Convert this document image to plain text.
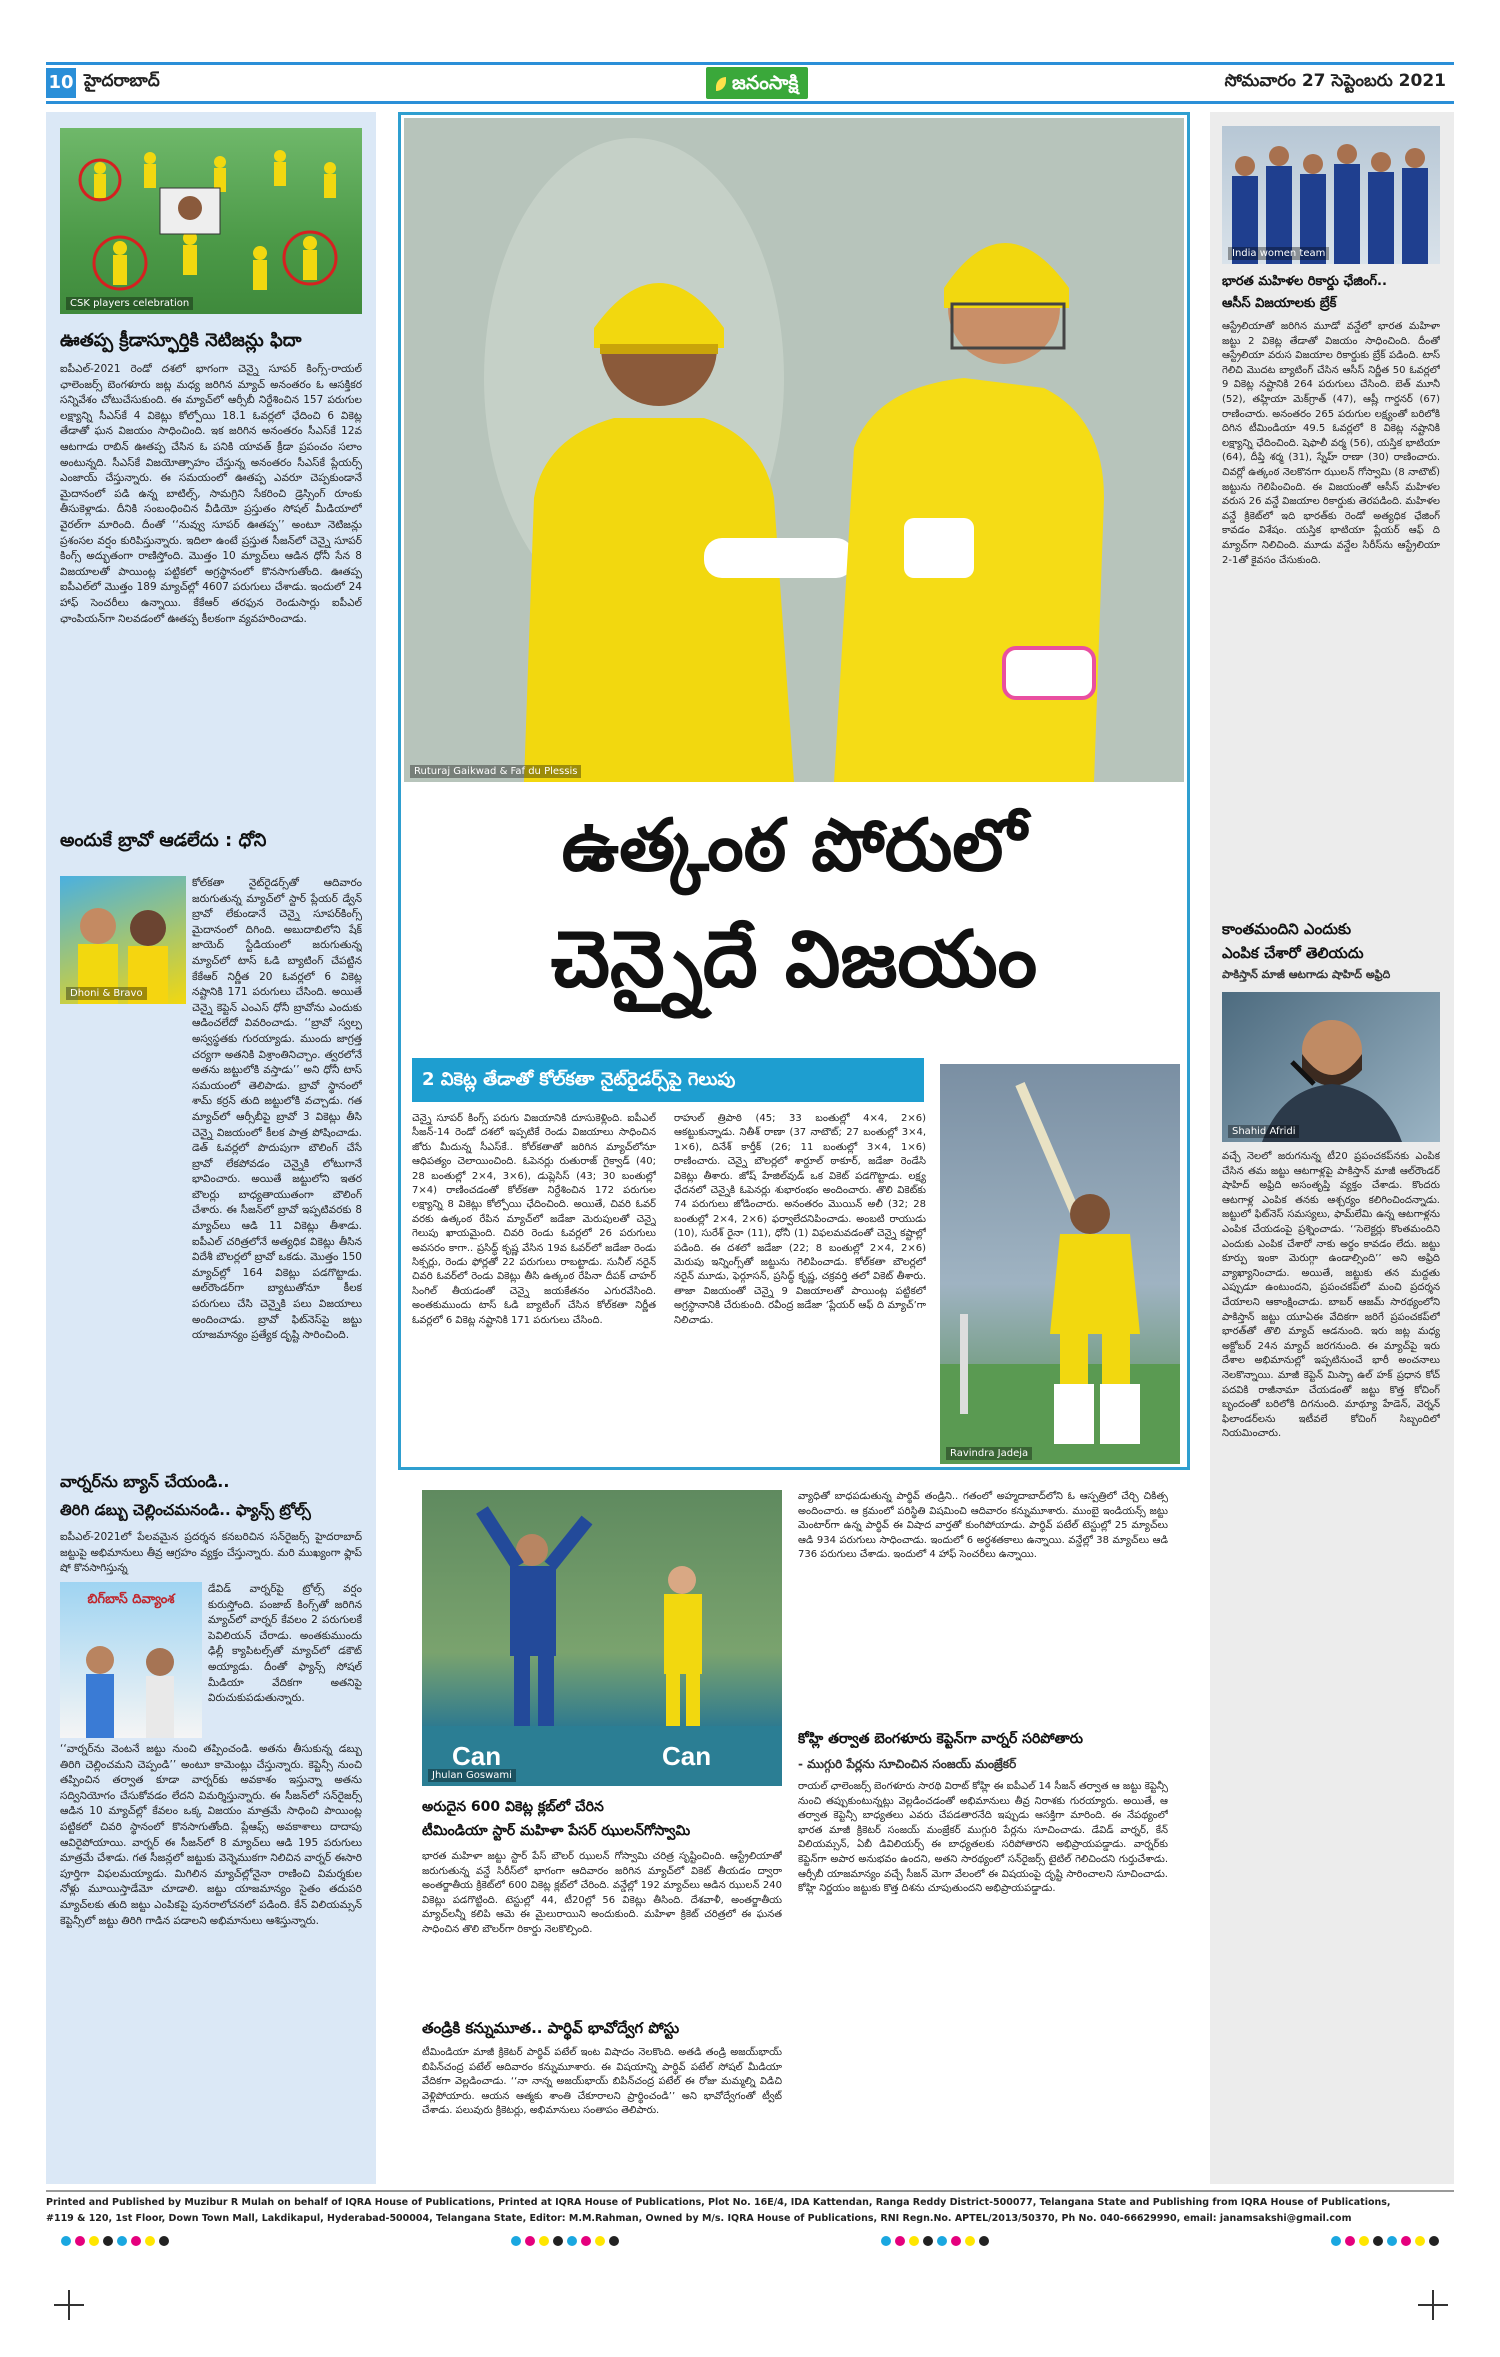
10 హైదరాబాద్	జనంసాక్షి	సోమవారం 27 సెప్టెంబరు 2021
CSK players celebration
ఊతప్ప క్రీడాస్ఫూర్తికి నెటిజన్లు ఫిదా
ఐపీఎల్‌-2021 రెండో దశలో భాగంగా చెన్నై సూపర్‌ కింగ్స్‌-రాయల్‌ ఛాలెంజర్స్‌ బెంగళూరు జట్ల మధ్య జరిగిన మ్యాచ్‌ అనంతరం ఓ ఆసక్తికర సన్నివేశం చోటుచేసుకుంది. ఈ మ్యాచ్‌లో ఆర్సీబీ నిర్దేశించిన 157 పరుగుల లక్ష్యాన్ని సీఎస్‌కే 4 వికెట్లు కోల్పోయి 18.1 ఓవర్లలో ఛేదించి 6 వికెట్ల తేడాతో ఘన విజయం సాధించింది. ఇక జరిగిన అనంతరం సీఎస్‌కే 12వ ఆటగాడు రాబిన్‌ ఊతప్ప చేసిన ఓ పనికి యావత్‌ క్రీడా ప్రపంచం సలాం అంటున్నది. సీఎస్‌కే విజయోత్సాహం చేస్తున్న అనంతరం సీఎస్‌కే ప్లేయర్స్‌ ఎంజాయ్‌ చేస్తున్నారు. ఈ సమయంలో ఊతప్ప ఎవరూ చెప్పకుండానే మైదానంలో పడి ఉన్న బాటిల్స్‌, సామగ్రిని సేకరించి డ్రెస్సింగ్‌ రూంకు తీసుకెళ్లాడు. దీనికి సంబంధించిన వీడియో ప్రస్తుతం సోషల్‌ మీడియాలో వైరల్‌గా మారింది. దీంతో ‘‘నువ్వు సూపర్‌ ఊతప్ప’’ అంటూ నెటిజన్లు ప్రశంసల వర్షం కురిపిస్తున్నారు. ఇదిలా ఉంటే ప్రస్తుత సీజన్‌లో చెన్నై సూపర్‌ కింగ్స్‌ అద్భుతంగా రాణిస్తోంది. మొత్తం 10 మ్యాచ్‌లు ఆడిన ధోనీ సేన 8 విజయాలతో పాయింట్ల పట్టికలో అగ్రస్థానంలో కొనసాగుతోంది. ఊతప్ప ఐపీఎల్‌లో మొత్తం 189 మ్యాచ్‌ల్లో 4607 పరుగులు చేశాడు. ఇందులో 24 హాఫ్‌ సెంచరీలు ఉన్నాయి. కేకేఆర్‌ తరఫున రెండుసార్లు ఐపీఎల్‌ ఛాంపియన్‌గా నిలవడంలో ఊతప్ప కీలకంగా వ్యవహరించాడు.
అందుకే బ్రావో ఆడలేదు : ధోని
Dhoni & Bravo
కోల్‌కతా నైట్‌రైడర్స్‌తో ఆదివారం జరుగుతున్న మ్యాచ్‌లో స్టార్‌ ప్లేయర్‌ డ్వేన్‌ బ్రావో లేకుండానే చెన్నై సూపర్‌కింగ్స్‌ మైదానంలో దిగింది. అబుదాబిలోని షేక్‌ జాయెద్‌ స్టేడియంలో జరుగుతున్న మ్యాచ్‌లో టాస్‌ ఓడి బ్యాటింగ్‌ చేపట్టిన కేకేఆర్‌ నిర్ణీత 20 ఓవర్లలో 6 వికెట్ల నష్టానికి 171 పరుగులు చేసింది. అయితే చెన్నై కెప్టెన్‌ ఎంఎస్‌ ధోనీ బ్రావోను ఎందుకు ఆడించలేదో వివరించాడు. ‘‘బ్రావో స్వల్ప అస్వస్థతకు గురయ్యాడు. ముందు జాగ్రత్త చర్యగా అతనికి విశ్రాంతినిచ్చాం. త్వరలోనే అతను జట్టులోకి వస్తాడు’’ అని ధోనీ టాస్‌ సమయంలో తెలిపాడు. బ్రావో స్థానంలో శామ్‌ కర్రన్‌ తుది జట్టులోకి వచ్చాడు. గత మ్యాచ్‌లో ఆర్సీబీపై బ్రావో 3 వికెట్లు తీసి చెన్నై విజయంలో కీలక పాత్ర పోషించాడు. డెత్‌ ఓవర్లలో పొదుపుగా బౌలింగ్‌ చేసే బ్రావో లేకపోవడం చెన్నైకి లోటుగానే భావించారు. అయితే జట్టులోని ఇతర బౌలర్లు బాధ్యతాయుతంగా బౌలింగ్‌ చేశారు. ఈ సీజన్‌లో బ్రావో ఇప్పటివరకు 8 మ్యాచ్‌లు ఆడి 11 వికెట్లు తీశాడు. ఐపీఎల్‌ చరిత్రలోనే అత్యధిక వికెట్లు తీసిన విదేశీ బౌలర్లలో బ్రావో ఒకడు. మొత్తం 150 మ్యాచ్‌ల్లో 164 వికెట్లు పడగొట్టాడు. ఆల్‌రౌండర్‌గా బ్యాటుతోనూ కీలక పరుగులు చేసి చెన్నైకి పలు విజయాలు అందించాడు. బ్రావో ఫిట్‌నెస్‌పై జట్టు యాజమాన్యం ప్రత్యేక దృష్టి సారించింది.
వార్నర్‌ను బ్యాన్‌ చేయండి..
తిరిగి డబ్బు చెల్లించమనండి.. ఫ్యాన్స్‌ ట్రోల్స్‌
ఐపీఎల్‌-2021లో పేలవమైన ప్రదర్శన కనబరిచిన సన్‌రైజర్స్‌ హైదరాబాద్‌ జట్టుపై అభిమానులు తీవ్ర ఆగ్రహం వ్యక్తం చేస్తున్నారు. మరి ముఖ్యంగా ఫ్లాప్‌ షో కొనసాగిస్తున్న
బిగ్‌బాస్‌ దివ్యాంశ
డేవిడ్‌ వార్నర్‌పై ట్రోల్స్‌ వర్షం కురుస్తోంది. పంజాబ్‌ కింగ్స్‌తో జరిగిన మ్యాచ్‌లో వార్నర్‌ కేవలం 2 పరుగులకే పెవిలియన్‌ చేరాడు. అంతకుముందు ఢిల్లీ క్యాపిటల్స్‌తో మ్యాచ్‌లో డకౌట్‌ అయ్యాడు. దీంతో ఫ్యాన్స్‌ సోషల్‌ మీడియా వేదికగా అతనిపై విరుచుకుపడుతున్నారు.
‘‘వార్నర్‌ను వెంటనే జట్టు నుంచి తప్పించండి. అతను తీసుకున్న డబ్బు తిరిగి చెల్లించమని చెప్పండి’’ అంటూ కామెంట్లు చేస్తున్నారు. కెప్టెన్సీ నుంచి తప్పించిన తర్వాత కూడా వార్నర్‌కు అవకాశం ఇస్తున్నా అతను సద్వినియోగం చేసుకోవడం లేదని విమర్శిస్తున్నారు. ఈ సీజన్‌లో సన్‌రైజర్స్‌ ఆడిన 10 మ్యాచ్‌ల్లో కేవలం ఒక్క విజయం మాత్రమే సాధించి పాయింట్ల పట్టికలో చివరి స్థానంలో కొనసాగుతోంది. ప్లేఆఫ్స్‌ అవకాశాలు దాదాపు ఆవిరైపోయాయి. వార్నర్‌ ఈ సీజన్‌లో 8 మ్యాచ్‌లు ఆడి 195 పరుగులు మాత్రమే చేశాడు. గత సీజన్లలో జట్టుకు వెన్నెముకగా నిలిచిన వార్నర్‌ ఈసారి పూర్తిగా విఫలమయ్యాడు. మిగిలిన మ్యాచ్‌ల్లోనైనా రాణించి విమర్శకుల నోళ్లు మూయిస్తాడేమో చూడాలి. జట్టు యాజమాన్యం సైతం తదుపరి మ్యాచ్‌లకు తుది జట్టు ఎంపికపై పునరాలోచనలో పడింది. కేన్‌ విలియమ్సన్‌ కెప్టెన్సీలో జట్టు తిరిగి గాడిన పడాలని అభిమానులు ఆశిస్తున్నారు.
Ruturaj Gaikwad & Faf du Plessis
ఉత్కంఠ పోరులో
చెన్నైదే విజయం
2 వికెట్ల తేడాతో కోల్‌కతా నైట్‌రైడర్స్‌పై గెలుపు
Ravindra Jadeja
చెన్నై సూపర్‌ కింగ్స్‌ పరుగు విజయానికి దూసుకెళ్లింది. ఐపీఎల్‌ సీజన్‌-14 రెండో దశలో ఇప్పటికే రెండు విజయాలు సాధించిన జోరు మీదున్న సీఎస్‌కే.. కోల్‌కతాతో జరిగిన మ్యాచ్‌లోనూ ఆధిపత్యం చెలాయించింది. ఓపెనర్లు రుతురాజ్‌ గైక్వాడ్‌ (40; 28 బంతుల్లో 2×4, 3×6), డుప్లెసిస్‌ (43; 30 బంతుల్లో 7×4) రాణించడంతో కోల్‌కతా నిర్దేశించిన 172 పరుగుల లక్ష్యాన్ని 8 వికెట్లు కోల్పోయి ఛేదించింది. అయితే, చివరి ఓవర్‌ వరకు ఉత్కంఠ రేపిన మ్యాచ్‌లో జడేజా మెరుపులతో చెన్నై గెలుపు ఖాయమైంది. చివరి రెండు ఓవర్లలో 26 పరుగులు అవసరం కాగా.. ప్రసిద్ధ్‌ కృష్ణ వేసిన 19వ ఓవర్‌లో జడేజా రెండు సిక్సర్లు, రెండు ఫోర్లతో 22 పరుగులు రాబట్టాడు. సునీల్‌ నరైన్‌ చివరి ఓవర్‌లో రెండు వికెట్లు తీసి ఉత్కంఠ రేపినా దీపక్‌ చాహర్‌ సింగిల్‌ తీయడంతో చెన్నై జయకేతనం ఎగురవేసింది. అంతకుముందు టాస్‌ ఓడి బ్యాటింగ్‌ చేసిన కోల్‌కతా నిర్ణీత ఓవర్లలో 6 వికెట్ల నష్టానికి 171 పరుగులు చేసింది.
రాహుల్‌ త్రిపాఠి (45; 33 బంతుల్లో 4×4, 2×6) ఆకట్టుకున్నాడు. నితీశ్‌ రాణా (37 నాటౌట్‌; 27 బంతుల్లో 3×4, 1×6), దినేశ్‌ కార్తీక్‌ (26; 11 బంతుల్లో 3×4, 1×6) రాణించారు. చెన్నై బౌలర్లలో శార్దూల్‌ ఠాకూర్‌, జడేజా రెండేసి వికెట్లు తీశారు. జోష్‌ హేజిల్‌వుడ్‌ ఒక వికెట్‌ పడగొట్టాడు. లక్ష్య ఛేదనలో చెన్నైకి ఓపెనర్లు శుభారంభం అందించారు. తొలి వికెట్‌కు 74 పరుగులు జోడించారు. అనంతరం మొయిన్‌ అలీ (32; 28 బంతుల్లో 2×4, 2×6) ఫర్వాలేదనిపించాడు. అంబటి రాయుడు (10), సురేశ్‌ రైనా (11), ధోనీ (1) విఫలమవడంతో చెన్నై కష్టాల్లో పడింది. ఈ దశలో జడేజా (22; 8 బంతుల్లో 2×4, 2×6) మెరుపు ఇన్నింగ్స్‌తో జట్టును గెలిపించాడు. కోల్‌కతా బౌలర్లలో నరైన్‌ మూడు, ఫెర్గూసన్‌, ప్రసిద్ధ్‌ కృష్ణ, చక్రవర్తి తలో వికెట్‌ తీశారు. తాజా విజయంతో చెన్నై 9 విజయాలతో పాయింట్ల పట్టికలో అగ్రస్థానానికి చేరుకుంది. రవీంద్ర జడేజా ‘ప్లేయర్‌ ఆఫ్‌ ది మ్యాచ్‌’గా నిలిచాడు.
Can	Can
Jhulan Goswami
అరుదైన 600 వికెట్ల క్లబ్‌లో చేరిన
టీమిండియా స్టార్‌ మహిళా పేసర్‌ ఝులన్‌గోస్వామి
భారత మహిళా జట్టు స్టార్‌ పేస్‌ బౌలర్‌ ఝులన్‌ గోస్వామి చరిత్ర సృష్టించింది. ఆస్ట్రేలియాతో జరుగుతున్న వన్డే సిరీస్‌లో భాగంగా ఆదివారం జరిగిన మ్యాచ్‌లో వికెట్‌ తీయడం ద్వారా అంతర్జాతీయ క్రికెట్‌లో 600 వికెట్ల క్లబ్‌లో చేరింది. వన్డేల్లో 192 మ్యాచ్‌లు ఆడిన ఝులన్‌ 240 వికెట్లు పడగొట్టింది. టెస్టుల్లో 44, టీ20ల్లో 56 వికెట్లు తీసింది. దేశవాళీ, అంతర్జాతీయ మ్యాచ్‌లన్నీ కలిపి ఆమె ఈ మైలురాయిని అందుకుంది. మహిళా క్రికెట్‌ చరిత్రలో ఈ ఘనత సాధించిన తొలి బౌలర్‌గా రికార్డు నెలకొల్పింది.
తండ్రికి కన్నుమూత.. పార్థివ్‌ భావోద్వేగ పోస్టు
టీమిండియా మాజీ క్రికెటర్‌ పార్థివ్‌ పటేల్‌ ఇంట విషాదం నెలకొంది. అతడి తండ్రి అజయ్‌భాయ్‌ బిపిన్‌చంద్ర పటేల్‌ ఆదివారం కన్నుమూశారు. ఈ విషయాన్ని పార్థివ్‌ పటేల్‌ సోషల్‌ మీడియా వేదికగా వెల్లడించాడు. ‘‘నా నాన్న అజయ్‌భాయ్‌ బిపిన్‌చంద్ర పటేల్‌ ఈ రోజు మమ్మల్ని విడిచి వెళ్లిపోయారు. ఆయన ఆత్మకు శాంతి చేకూరాలని ప్రార్థించండి’’ అని భావోద్వేగంతో ట్వీట్‌ చేశాడు. పలువురు క్రికెటర్లు, అభిమానులు సంతాపం తెలిపారు.
వ్యాధితో బాధపడుతున్న పార్థివ్‌ తండ్రిని.. గతంలో అహ్మదాబాద్‌లోని ఓ ఆస్పత్రిలో చేర్చి చికిత్స అందించారు. ఆ క్రమంలో పరిస్థితి విషమించి ఆదివారం కన్నుమూశారు. ముంబై ఇండియన్స్‌ జట్టు మెంటార్‌గా ఉన్న పార్థివ్‌ ఈ విషాద వార్తతో కుంగిపోయాడు. పార్థివ్‌ పటేల్‌ టెస్టుల్లో 25 మ్యాచ్‌లు ఆడి 934 పరుగులు సాధించాడు. ఇందులో 6 అర్ధశతకాలు ఉన్నాయి. వన్డేల్లో 38 మ్యాచ్‌లు ఆడి 736 పరుగులు చేశాడు. ఇందులో 4 హాఫ్‌ సెంచరీలు ఉన్నాయి.
కోహ్లి తర్వాత బెంగళూరు కెప్టెన్‌గా వార్నర్‌ సరిపోతారు
- ముగ్గురి పేర్లను సూచించిన సంజయ్‌ మంజ్రేకర్‌
రాయల్‌ ఛాలెంజర్స్‌ బెంగళూరు సారథి విరాట్‌ కోహ్లి ఈ ఐపీఎల్‌ 14 సీజన్‌ తర్వాత ఆ జట్టు కెప్టెన్సీ నుంచి తప్పుకుంటున్నట్లు వెల్లడించడంతో అభిమానులు తీవ్ర నిరాశకు గురయ్యారు. అయితే, ఆ తర్వాత కెప్టెన్సీ బాధ్యతలు ఎవరు చేపడతారనేది ఇప్పుడు ఆసక్తిగా మారింది. ఈ నేపథ్యంలో భారత మాజీ క్రికెటర్‌ సంజయ్‌ మంజ్రేకర్‌ ముగ్గురి పేర్లను సూచించాడు. డేవిడ్‌ వార్నర్‌, కేన్‌ విలియమ్సన్‌, ఏబీ డివిలియర్స్‌ ఈ బాధ్యతలకు సరిపోతారని అభిప్రాయపడ్డాడు. వార్నర్‌కు కెప్టెన్‌గా అపార అనుభవం ఉందని, అతని సారథ్యంలో సన్‌రైజర్స్‌ టైటిల్‌ గెలిచిందని గుర్తుచేశాడు. ఆర్సీబీ యాజమాన్యం వచ్చే సీజన్‌ మెగా వేలంలో ఈ విషయంపై దృష్టి సారించాలని సూచించాడు. కోహ్లి నిర్ణయం జట్టుకు కొత్త దిశను చూపుతుందని అభిప్రాయపడ్డాడు.
India women team
భారత మహిళల రికార్డు ఛేజింగ్‌..
ఆసీస్‌ విజయాలకు బ్రేక్‌
ఆస్ట్రేలియాతో జరిగిన మూడో వన్డేలో భారత మహిళా జట్టు 2 వికెట్ల తేడాతో విజయం సాధించింది. దీంతో ఆస్ట్రేలియా వరుస విజయాల రికార్డుకు బ్రేక్‌ పడింది. టాస్‌ గెలిచి మొదట బ్యాటింగ్‌ చేసిన ఆసీస్‌ నిర్ణీత 50 ఓవర్లలో 9 వికెట్ల నష్టానికి 264 పరుగులు చేసింది. బెత్‌ మూనీ (52), తహ్లియా మెక్‌గ్రాత్‌ (47), ఆష్లీ గార్డనర్‌ (67) రాణించారు. అనంతరం 265 పరుగుల లక్ష్యంతో బరిలోకి దిగిన టీమిండియా 49.5 ఓవర్లలో 8 వికెట్ల నష్టానికి లక్ష్యాన్ని ఛేదించింది. షెఫాలీ వర్మ (56), యస్తిక భాటియా (64), దీప్తి శర్మ (31), స్నేహ్‌ రాణా (30) రాణించారు. చివర్లో ఉత్కంఠ నెలకొనగా ఝులన్‌ గోస్వామి (8 నాటౌట్‌) జట్టును గెలిపించింది. ఈ విజయంతో ఆసీస్‌ మహిళల వరుస 26 వన్డే విజయాల రికార్డుకు తెరపడింది. మహిళల వన్డే క్రికెట్‌లో ఇది భారత్‌కు రెండో అత్యధిక ఛేజింగ్‌ కావడం విశేషం. యస్తిక భాటియా ప్లేయర్‌ ఆఫ్‌ ది మ్యాచ్‌గా నిలిచింది. మూడు వన్డేల సిరీస్‌ను ఆస్ట్రేలియా 2-1తో కైవసం చేసుకుంది.
కాంతమందిని ఎందుకు
ఎంపిక చేశారో తెలియదు
పాకిస్తాన్‌ మాజీ ఆటగాడు షాహిద్‌ అఫ్రిది
Shahid Afridi
వచ్చే నెలలో జరుగనున్న టీ20 ప్రపంచకప్‌నకు ఎంపిక చేసిన తమ జట్టు ఆటగాళ్లపై పాకిస్తాన్‌ మాజీ ఆల్‌రౌండర్‌ షాహిద్‌ అఫ్రిది అసంతృప్తి వ్యక్తం చేశాడు. కొందరు ఆటగాళ్ల ఎంపిక తనకు ఆశ్చర్యం కలిగించిందన్నాడు. జట్టులో ఫిట్‌నెస్‌ సమస్యలు, ఫామ్‌లేమి ఉన్న ఆటగాళ్లను ఎంపిక చేయడంపై ప్రశ్నించాడు. ‘‘సెలెక్టర్లు కొంతమందిని ఎందుకు ఎంపిక చేశారో నాకు అర్థం కావడం లేదు. జట్టు కూర్పు ఇంకా మెరుగ్గా ఉండాల్సింది’’ అని అఫ్రిది వ్యాఖ్యానించాడు. అయితే, జట్టుకు తన మద్దతు ఎప్పుడూ ఉంటుందని, ప్రపంచకప్‌లో మంచి ప్రదర్శన చేయాలని ఆకాంక్షించాడు. బాబర్‌ ఆజమ్‌ సారథ్యంలోని పాకిస్తాన్‌ జట్టు యూఏఈ వేదికగా జరిగే ప్రపంచకప్‌లో భారత్‌తో తొలి మ్యాచ్‌ ఆడనుంది. ఇరు జట్ల మధ్య అక్టోబర్‌ 24న మ్యాచ్‌ జరగనుంది. ఈ మ్యాచ్‌పై ఇరు దేశాల అభిమానుల్లో ఇప్పటినుంచే భారీ అంచనాలు నెలకొన్నాయి. మాజీ కెప్టెన్‌ మిస్బా ఉల్‌ హక్‌ ప్రధాన కోచ్‌ పదవికి రాజీనామా చేయడంతో జట్టు కొత్త కోచింగ్‌ బృందంతో బరిలోకి దిగనుంది. మాథ్యూ హేడెన్‌, వెర్నన్‌ ఫిలాండర్‌లను ఇటీవలే కోచింగ్‌ సిబ్బందిలో నియమించారు.
Printed and Published by Muzibur R Mulah on behalf of IQRA House of Publications, Printed at IQRA House of Publications, Plot No. 16E/4, IDA Kattendan, Ranga Reddy District-500077, Telangana State and Publishing from IQRA House of Publications,
#119 & 120, 1st Floor, Down Town Mall, Lakdikapul, Hyderabad-500004, Telangana State, Editor: M.M.Rahman, Owned by M/s. IQRA House of Publications, RNI Regn.No. APTEL/2013/50370, Ph No. 040-66629990, email: janamsakshi@gmail.com
